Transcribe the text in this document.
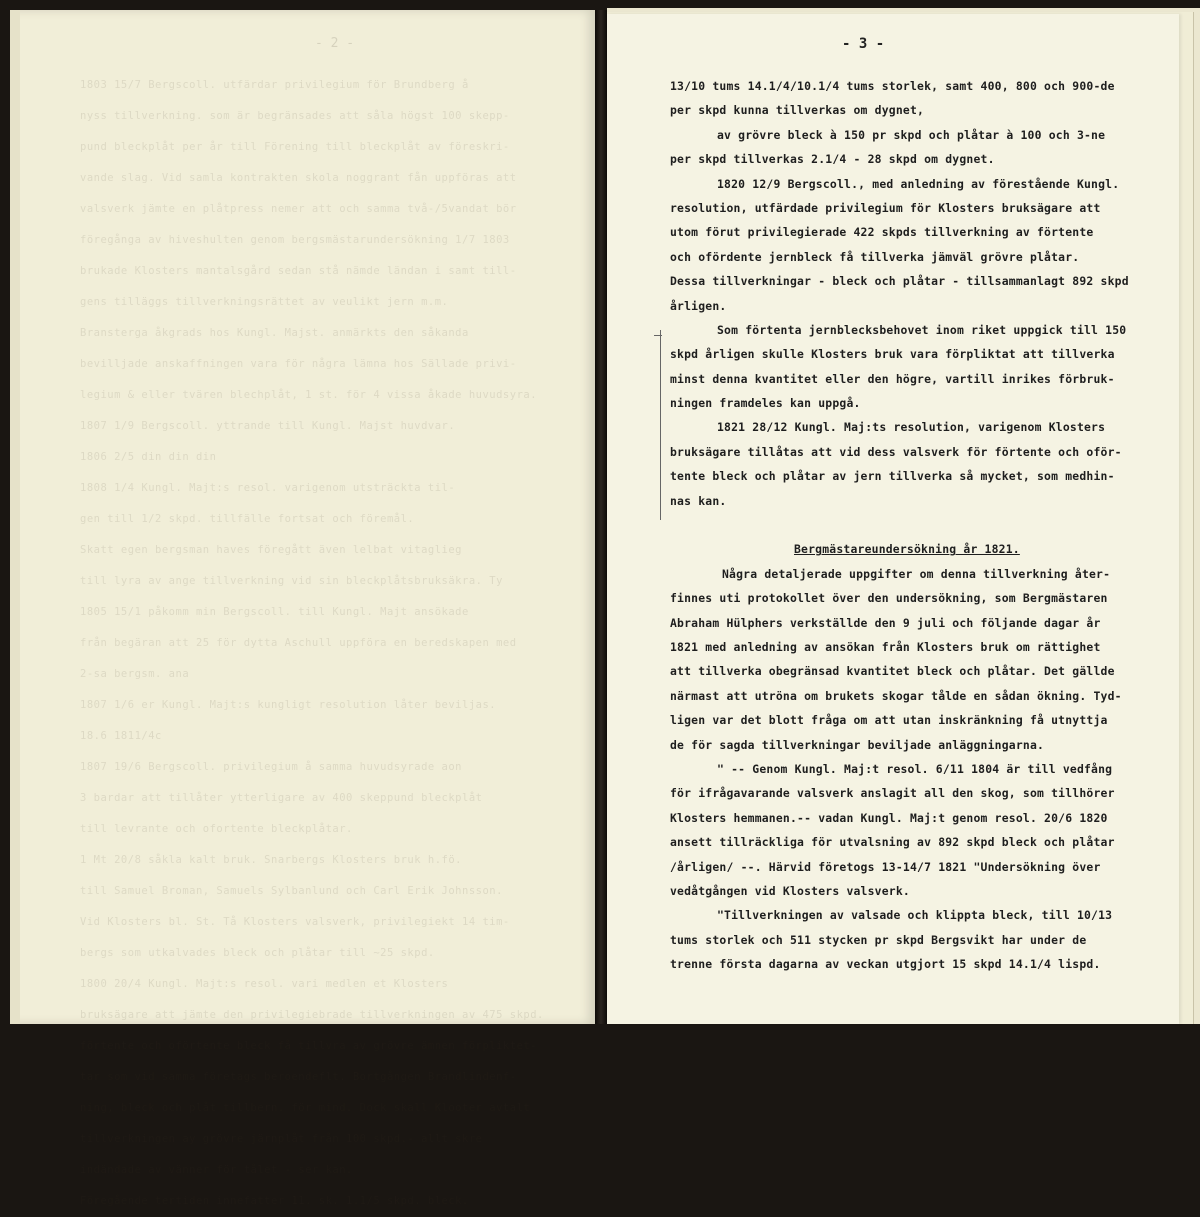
- 2 -
1803 15/7 Bergscoll. utfärdar privilegium för Brundberg å
nyss tillverkning. som är begränsades att såla högst 100 skepp-
pund bleckplåt per år till Förening till bleckplåt av föreskri-
vande slag. Vid samla kontrakten skola noggrant fån uppföras att
valsverk jämte en plåtpress nemer att och samma två-/5vandat bör
föregånga av hiveshulten genom bergsmästarundersökning 1/7 1803
brukade Klosters mantalsgård sedan stå nämde ländan i samt till-
gens tilläggs tillverkningsrättet av veulikt jern m.m.
Bransterga åkgrads hos Kungl. Majst. anmärkts den såkanda
bevilljade anskaffningen vara för några lämna hos Sällade privi-
legium & eller tvären blechplåt, 1 st. för 4 vissa åkade huvudsyra.
1807 1/9 Bergscoll. yttrande till Kungl. Majst huvdvar.
1806 2/5 din din din
1808 1/4 Kungl. Majt:s resol. varigenom utsträckta til-
gen till 1/2 skpd. tillfälle fortsat och föremål.
Skatt egen bergsman haves föregått även lelbat vitaglieg
till lyra av ange tillverkning vid sin bleckplåtsbruksäkra. Ty
1805 15/1 påkomm min Bergscoll. till Kungl. Majt ansökade
från begäran att 25 för dytta Aschull uppföra en beredskapen med
2-sa bergsm. ana
1807 1/6 er Kungl. Majt:s kungligt resolution låter beviljas.
18.6 1811/4c
1807 19/6 Bergscoll. privilegium å samma huvudsyrade aon
3 bardar att tillåter ytterligare av 400 skeppund bleckplåt
till levrante och ofortente bleckplåtar.
1 Mt 20/8 såkla kalt bruk. Snarbergs Klosters bruk h.fö.
till Samuel Broman, Samuels Sylbanlund och Carl Erik Johnsson.
Vid Klosters bl. St. Tå Klosters valsverk, privilegiekt 14 tim-
bergs som utkalvades bleck och plåtar till ~25 skpd.
1800 20/4 Kungl. Majt:s resol. vari medlen et Klosters
bruksägare att jämte den privilegiebrade tillverkningen av 475 skpd.
förtente och oförtente bleck få tillvra av grövre ämnen förpliktet-
tar som vid samma företags beroendeflt. Bortgången Brandlindenf-
ning, bleck och plåt tillbern. för mind. Dock skall Klooter avtalt
tillverkningen ay grövre järnplåt från 100 skpd.- allt skre
indändade av vänner för tålet - ser kan.
Föregående tertiden innefatter 11. sk. 1.1/5 skpd. bleck.
- 3 -
13/10 tums 14.1/4/10.1/4 tums storlek, samt 400, 800 och 900-de
per skpd kunna tillverkas om dygnet,
av grövre bleck à 150 pr skpd och plåtar à 100 och 3-ne
per skpd tillverkas 2.1/4 - 28 skpd om dygnet.
1820 12/9 Bergscoll., med anledning av förestående Kungl.
resolution, utfärdade privilegium för Klosters bruksägare att
utom förut privilegierade 422 skpds tillverkning av förtente
och ofördente jernbleck få tillverka jämväl grövre plåtar.
Dessa tillverkningar - bleck och plåtar - tillsammanlagt 892 skpd
årligen.
Som förtenta jernblecksbehovet inom riket uppgick till 150
skpd årligen skulle Klosters bruk vara förpliktat att tillverka
minst denna kvantitet eller den högre, vartill inrikes förbruk-
ningen framdeles kan uppgå.
1821 28/12 Kungl. Maj:ts resolution, varigenom Klosters
bruksägare tillåtas att vid dess valsverk för förtente och oför-
tente bleck och plåtar av jern tillverka så mycket, som medhin-
nas kan.
Bergmästareundersökning år 1821.
Några detaljerade uppgifter om denna tillverkning åter-
finnes uti protokollet över den undersökning, som Bergmästaren
Abraham Hülphers verkställde den 9 juli och följande dagar år
1821 med anledning av ansökan från Klosters bruk om rättighet
att tillverka obegränsad kvantitet bleck och plåtar. Det gällde
närmast att utröna om brukets skogar tålde en sådan ökning. Tyd-
ligen var det blott fråga om att utan inskränkning få utnyttja
de för sagda tillverkningar beviljade anläggningarna.
" -- Genom Kungl. Maj:t resol. 6/11 1804 är till vedfång
för ifrågavarande valsverk anslagit all den skog, som tillhörer
Klosters hemmanen.-- vadan Kungl. Maj:t genom resol. 20/6 1820
ansett tillräckliga för utvalsning av 892 skpd bleck och plåtar
/årligen/ --. Härvid företogs 13-14/7 1821 "Undersökning över
vedåtgången vid Klosters valsverk.
"Tillverkningen av valsade och klippta bleck, till 10/13
tums storlek och 511 stycken pr skpd Bergsvikt har under de
trenne första dagarna av veckan utgjort 15 skpd 14.1/4 lispd.
